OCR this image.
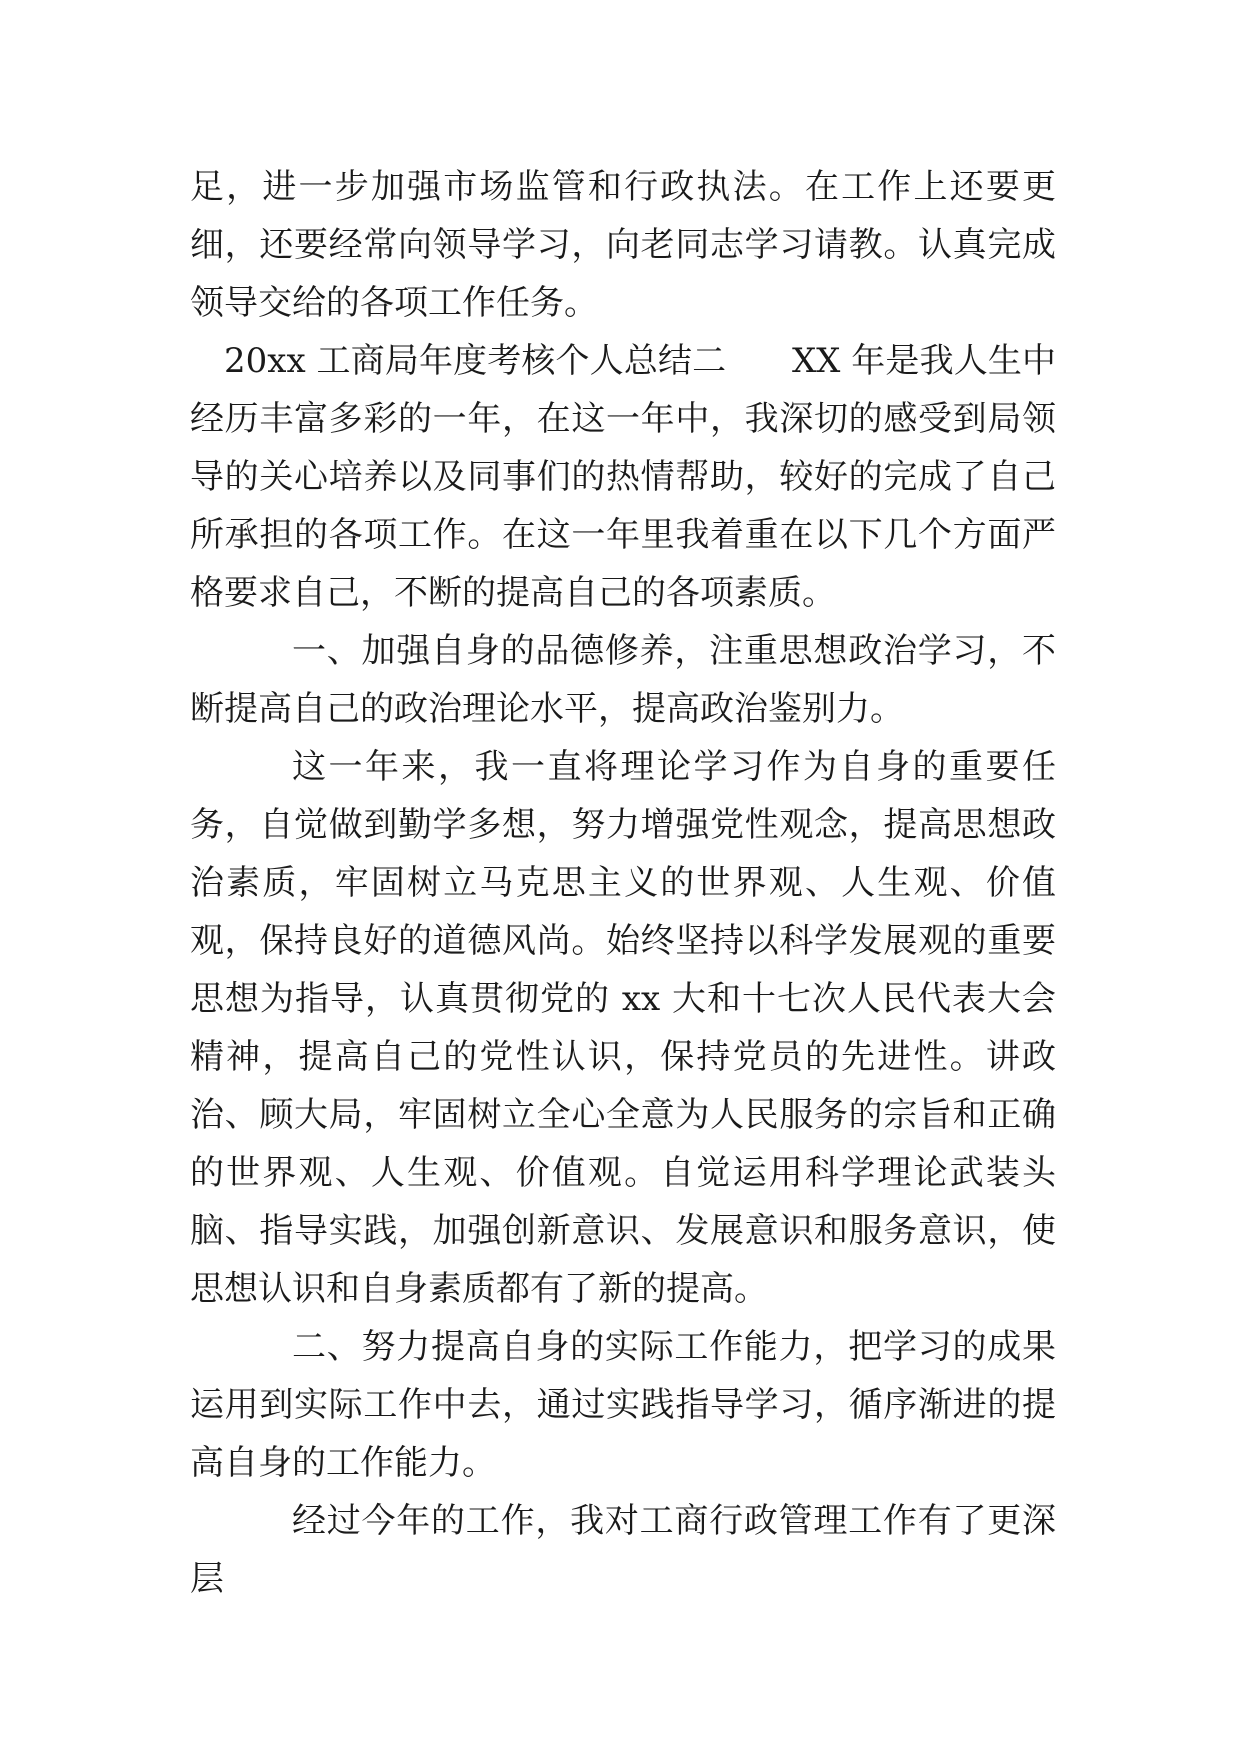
足，进一步加强市场监管和行政执法。在工作上还要更细，还要经常向领导学习，向老同志学习请教。认真完成领导交给的各项工作任务。

20xx 工商局年度考核个人总结二 XX 年是我人生中经历丰富多彩的一年，在这一年中，我深切的感受到局领导的关心培养以及同事们的热情帮助，较好的完成了自己所承担的各项工作。在这一年里我着重在以下几个方面严格要求自己，不断的提高自己的各项素质。

一、加强自身的品德修养，注重思想政治学习，不断提高自己的政治理论水平，提高政治鉴别力。

这一年来，我一直将理论学习作为自身的重要任务，自觉做到勤学多想，努力增强党性观念，提高思想政治素质，牢固树立马克思主义的世界观、人生观、价值观，保持良好的道德风尚。始终坚持以科学发展观的重要思想为指导，认真贯彻党的 xx 大和十七次人民代表大会精神，提高自己的党性认识，保持党员的先进性。讲政治、顾大局，牢固树立全心全意为人民服务的宗旨和正确的世界观、人生观、价值观。自觉运用科学理论武装头脑、指导实践，加强创新意识、发展意识和服务意识，使思想认识和自身素质都有了新的提高。

二、努力提高自身的实际工作能力，把学习的成果运用到实际工作中去，通过实践指导学习，循序渐进的提高自身的工作能力。

经过今年的工作，我对工商行政管理工作有了更深层
